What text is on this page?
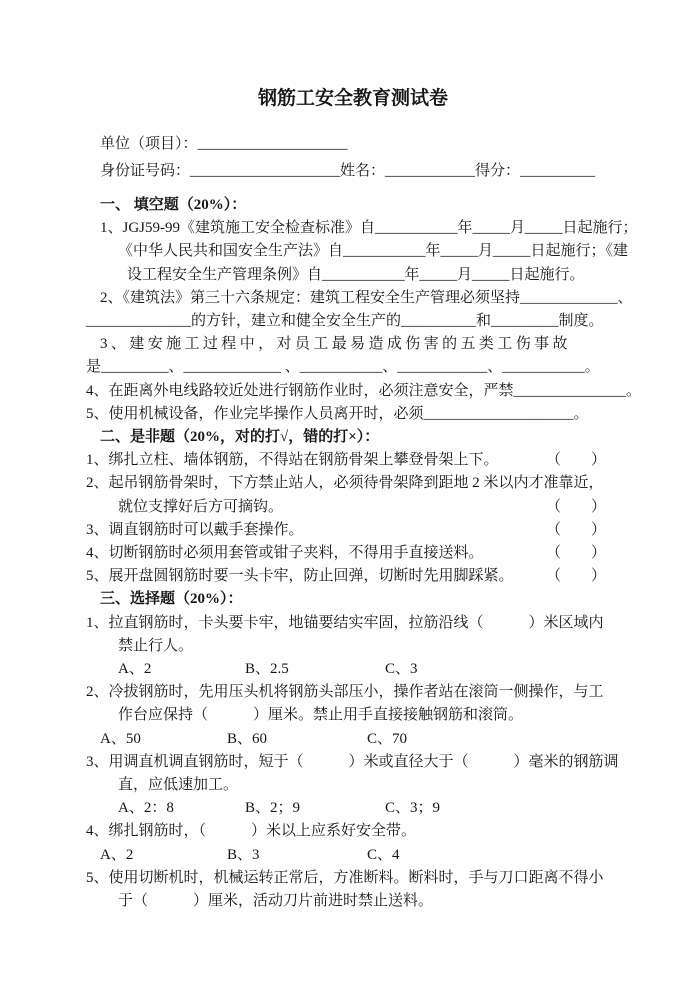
钢筋工安全教育测试卷
单位（项目）：____________________
身份证号码：____________________姓名：____________得分：__________
一、 填空题（20%）：
1、JGJ59-99《建筑施工安全检查标准》自___________年_____月_____日起施行；
《中华人民共和国安全生产法》自___________年_____月_____日起施行；《建
设工程安全生产管理条例》自___________年_____月_____日起施行。
2、《建筑法》第三十六条规定：建筑工程安全生产管理必须坚持_____________、
______________的方针，建立和健全安全生产的__________和_________制度。
3、建安施工过程中，对员工最易造成伤害的五类工伤事故
是_________、_____________ 、___________、____________、___________。
4、在距离外电线路较近处进行钢筋作业时，必须注意安全，严禁_______________。
5、使用机械设备，作业完毕操作人员离开时，必须____________________。
二、是非题（20%，对的打√，错的打×）：
1、绑扎立柱、墙体钢筋，不得站在钢筋骨架上攀登骨架上下。	（　　）
2、起吊钢筋骨架时，下方禁止站人，必须待骨架降到距地 2 米以内才准靠近，
就位支撑好后方可摘钩。	（　　）
3、调直钢筋时可以戴手套操作。	（　　）
4、切断钢筋时必须用套管或钳子夹料，不得用手直接送料。	（　　）
5、展开盘圆钢筋时要一头卡牢，防止回弹，切断时先用脚踩紧。 （　　）
三、选择题（20%）：
1、拉直钢筋时，卡头要卡牢，地锚要结实牢固，拉筋沿线（　　　）米区域内
禁止行人。
A、2	B、2.5	C、3
2、冷拔钢筋时，先用压头机将钢筋头部压小，操作者站在滚筒一侧操作，与工
作台应保持（　　　）厘米。禁止用手直接接触钢筋和滚筒。
A、50	B、60	C、70
3、用调直机调直钢筋时，短于（　　　）米或直径大于（　　　）毫米的钢筋调
直，应低速加工。
A、2：8	B、2；9	C、3；9
4、绑扎钢筋时，（　　　）米以上应系好安全带。
A、2	B、3	C、4
5、使用切断机时，机械运转正常后，方准断料。断料时，手与刀口距离不得小
于（　　　）厘米，活动刀片前进时禁止送料。
